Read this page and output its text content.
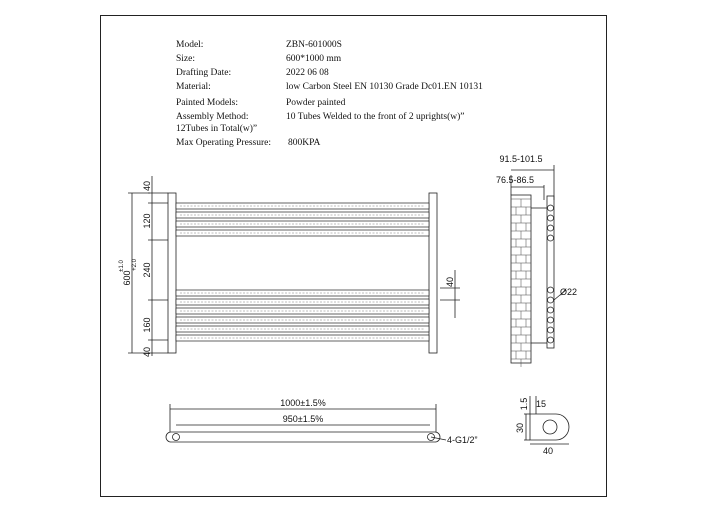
40
120
240
160
40
600
±1.0 +2.0
40
91.5-101.5
76.5-86.5
Ø22
1000±1.5%
950±1.5%
4-G1/2”
1.5 15
30
40
Model:	ZBN-601000S
Size:	600*1000 mm
Drafting Date:	2022 06 08
Material:	low Carbon Steel EN 10130 Grade Dc01.EN 10131
Painted Models:	Powder painted
Assembly Method:	10 Tubes Welded to the front of 2 uprights(w)”
12Tubes in Total(w)”
Max Operating Pressure: 800KPA
